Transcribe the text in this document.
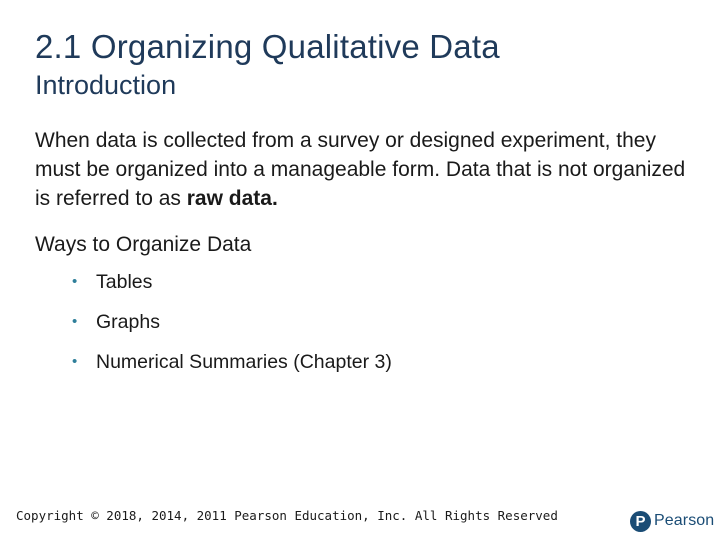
2.1 Organizing Qualitative Data
Introduction

When data is collected from a survey or designed experiment, they must be organized into a manageable form. Data that is not organized is referred to as raw data.

Ways to Organize Data

• Tables
• Graphs
• Numerical Summaries (Chapter 3)
Copyright © 2018, 2014, 2011 Pearson Education, Inc. All Rights Reserved	P Pearson
